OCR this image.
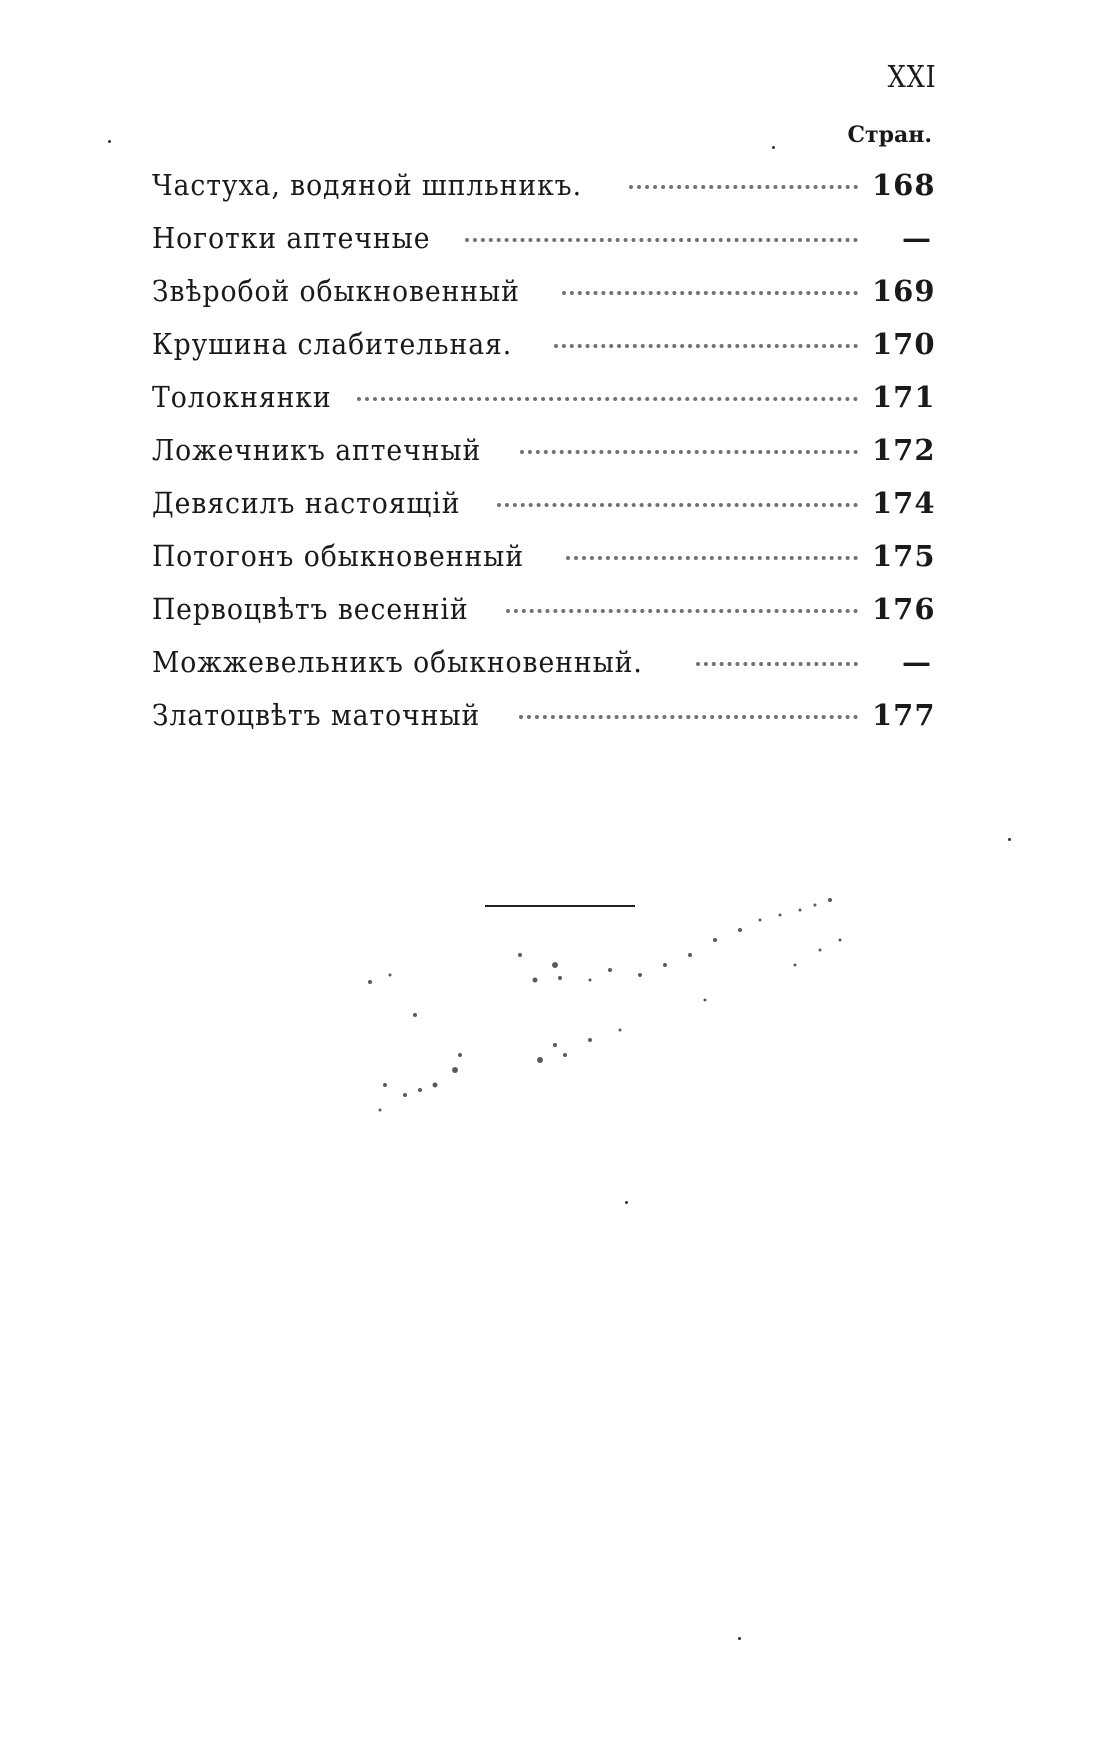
XXI
Стран.
Частуха, водяной шпльникъ.	168
Ноготки аптечные	—
Звѣробой обыкновенный	169
Крушина слабительная.	170
Толокнянки	171
Ложечникъ аптечный	172
Девясилъ настоящій	174
Потогонъ обыкновенный	175
Первоцвѣтъ весенній	176
Можжевельникъ обыкновенный.	—
Златоцвѣтъ маточный	177
